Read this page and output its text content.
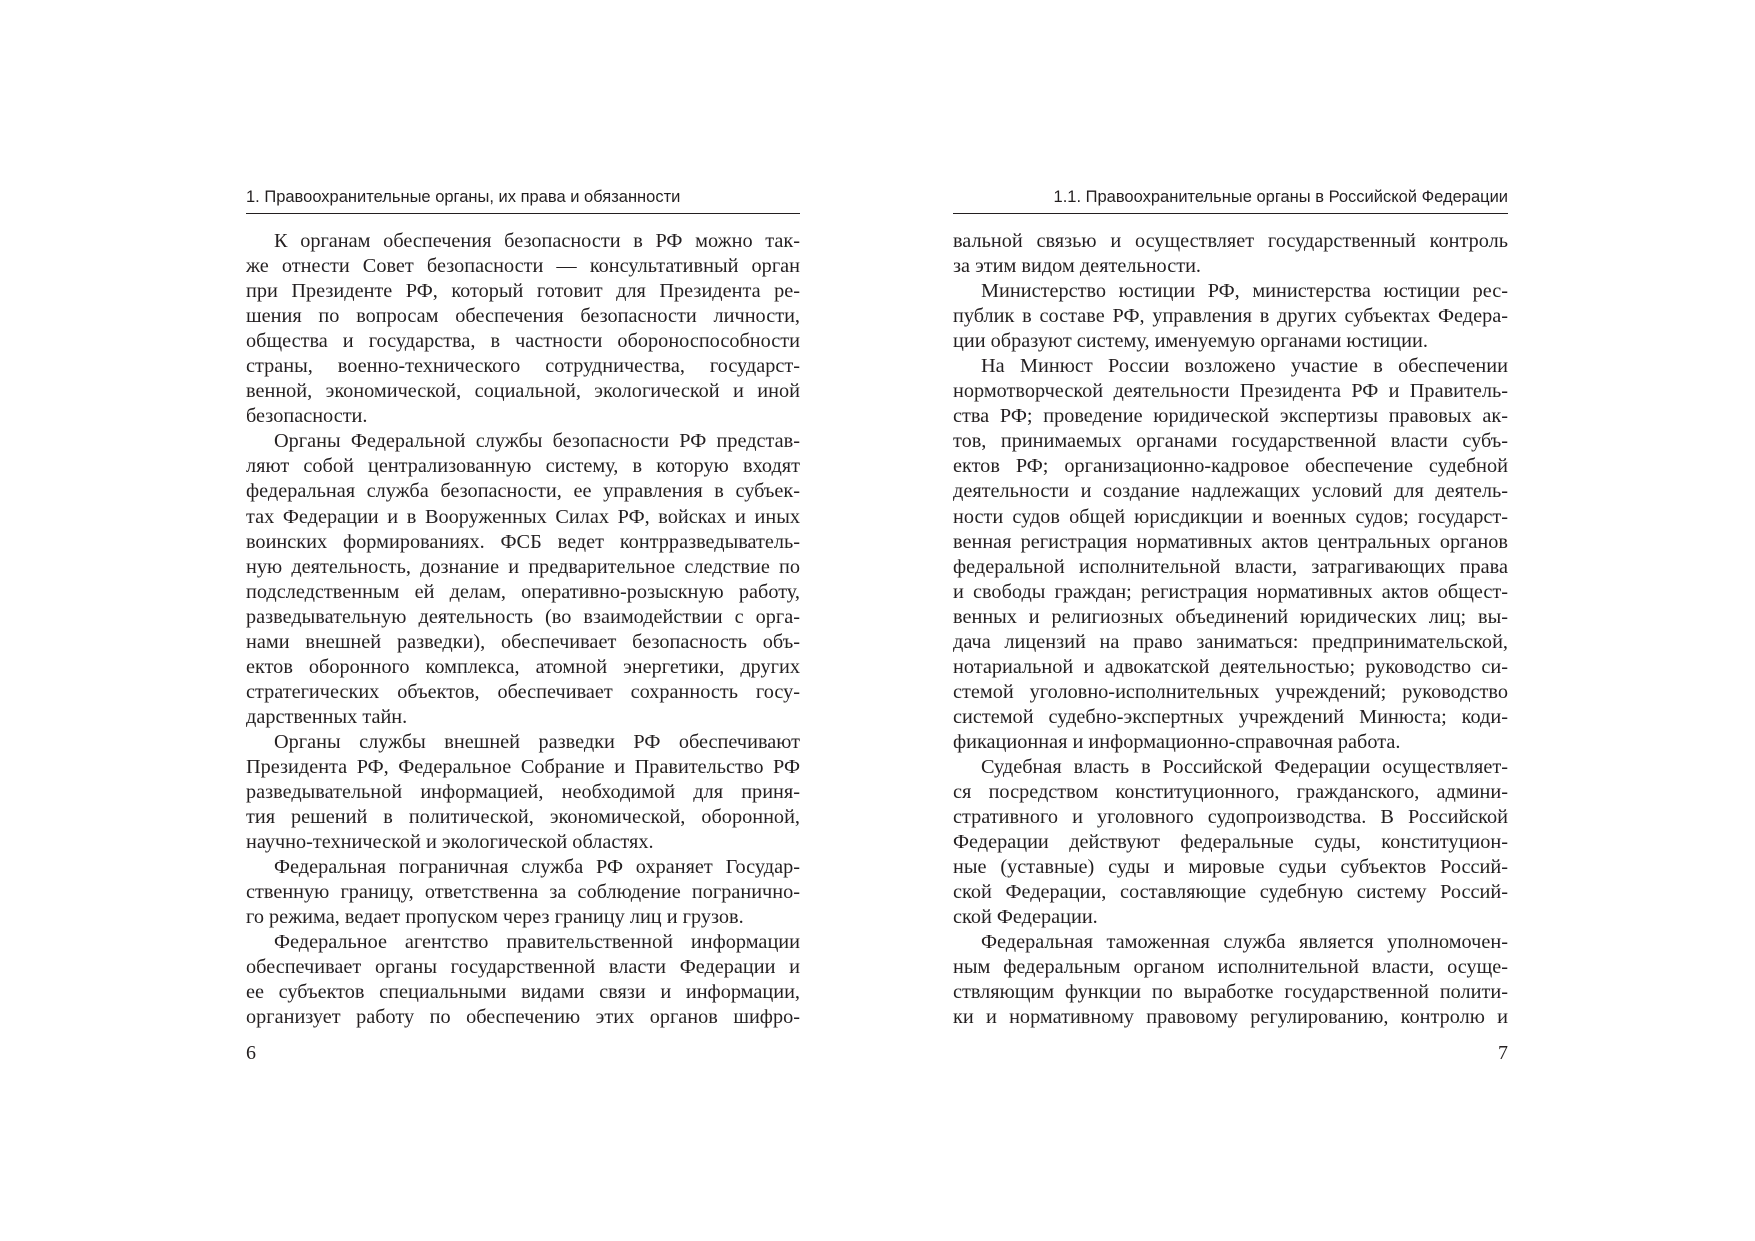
1. Правоохранительные органы, их права и обязанности
К органам обеспечения безопасности в РФ можно так-
же отнести Совет безопасности — консультативный орган
при Президенте РФ, который готовит для Президента ре-
шения по вопросам обеспечения безопасности личности,
общества и государства, в частности обороноспособности
страны, военно-технического сотрудничества, государст-
венной, экономической, социальной, экологической и иной
безопасности.
Органы Федеральной службы безопасности РФ представ-
ляют собой централизованную систему, в которую входят
федеральная служба безопасности, ее управления в субъек-
тах Федерации и в Вооруженных Силах РФ, войсках и иных
воинских формированиях. ФСБ ведет контрразведыватель-
ную деятельность, дознание и предварительное следствие по
подследственным ей делам, оперативно-розыскную работу,
разведывательную деятельность (во взаимодействии с орга-
нами внешней разведки), обеспечивает безопасность объ-
ектов оборонного комплекса, атомной энергетики, других
стратегических объектов, обеспечивает сохранность госу-
дарственных тайн.
Органы службы внешней разведки РФ обеспечивают
Президента РФ, Федеральное Собрание и Правительство РФ
разведывательной информацией, необходимой для приня-
тия решений в политической, экономической, оборонной,
научно-технической и экологической областях.
Федеральная пограничная служба РФ охраняет Государ-
ственную границу, ответственна за соблюдение погранично-
го режима, ведает пропуском через границу лиц и грузов.
Федеральное агентство правительственной информации
обеспечивает органы государственной власти Федерации и
ее субъектов специальными видами связи и информации,
организует работу по обеспечению этих органов шифро-
6
1.1. Правоохранительные органы в Российской Федерации
вальной связью и осуществляет государственный контроль
за этим видом деятельности.
Министерство юстиции РФ, министерства юстиции рес-
публик в составе РФ, управления в других субъектах Федера-
ции образуют систему, именуемую органами юстиции.
На Минюст России возложено участие в обеспечении
нормотворческой деятельности Президента РФ и Правитель-
ства РФ; проведение юридической экспертизы правовых ак-
тов, принимаемых органами государственной власти субъ-
ектов РФ; организационно-кадровое обеспечение судебной
деятельности и создание надлежащих условий для деятель-
ности судов общей юрисдикции и военных судов; государст-
венная регистрация нормативных актов центральных органов
федеральной исполнительной власти, затрагивающих права
и свободы граждан; регистрация нормативных актов общест-
венных и религиозных объединений юридических лиц; вы-
дача лицензий на право заниматься: предпринимательской,
нотариальной и адвокатской деятельностью; руководство си-
стемой уголовно-исполнительных учреждений; руководство
системой судебно-экспертных учреждений Минюста; коди-
фикационная и информационно-справочная работа.
Судебная власть в Российской Федерации осуществляет-
ся посредством конституционного, гражданского, админи-
стративного и уголовного судопроизводства. В Российской
Федерации действуют федеральные суды, конституцион-
ные (уставные) суды и мировые судьи субъектов Россий-
ской Федерации, составляющие судебную систему Россий-
ской Федерации.
Федеральная таможенная служба является уполномочен-
ным федеральным органом исполнительной власти, осуще-
ствляющим функции по выработке государственной полити-
ки и нормативному правовому регулированию, контролю и
7
